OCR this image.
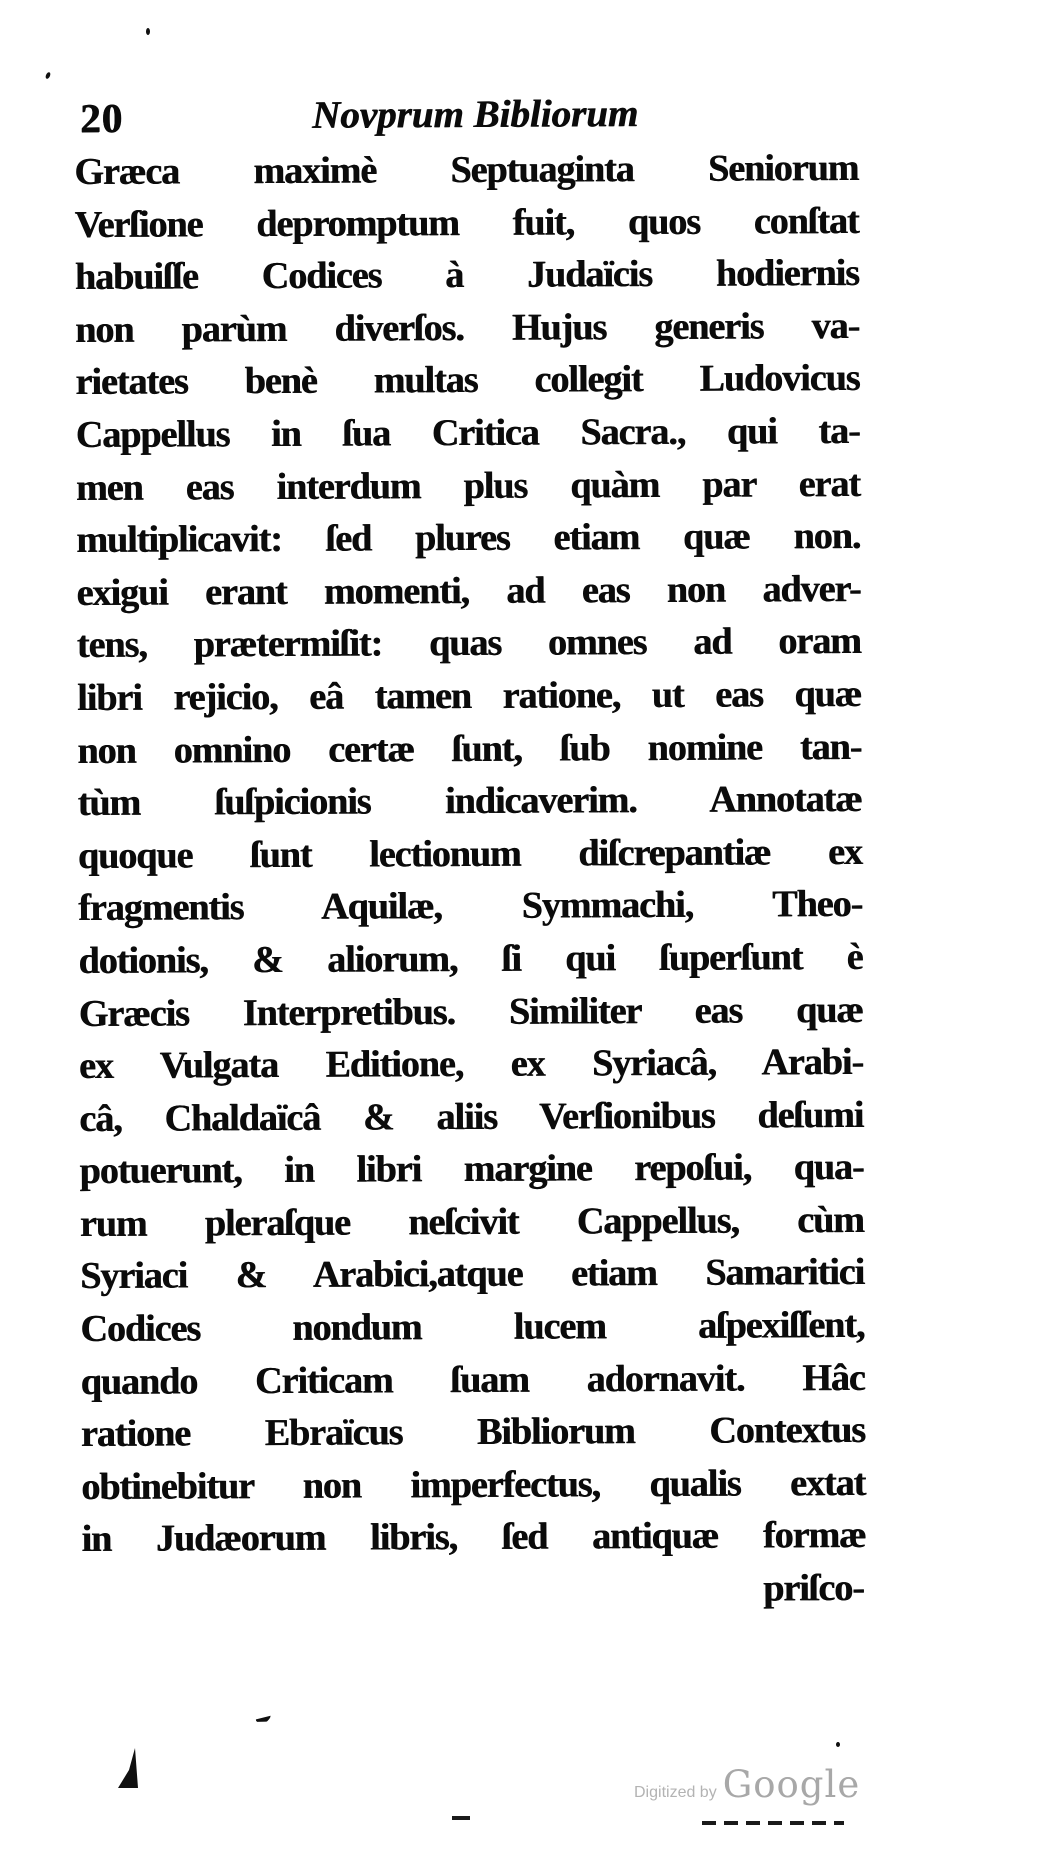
20	Novprum Bibliorum
Græca maximè Septuaginta Seniorum
Verſione depromptum fuit, quos conſtat
habuiſſe Codices à Judaïcis hodiernis
non parùm diverſos. Hujus generis va-
rietates benè multas collegit Ludovicus
Cappellus in ſua Critica Sacra., qui ta-
men eas interdum plus quàm par erat
multiplicavit: ſed plures etiam quæ non.
exigui erant momenti, ad eas non adver-
tens, prætermiſit: quas omnes ad oram
libri rejicio, eâ tamen ratione, ut eas quæ
non omnino certæ ſunt, ſub nomine tan-
tùm ſuſpicionis indicaverim. Annotatæ
quoque ſunt lectionum diſcrepantiæ ex
fragmentis Aquilæ, Symmachi, Theo-
dotionis, & aliorum, ſi qui ſuperſunt è
Græcis Interpretibus. Similiter eas quæ
ex Vulgata Editione, ex Syriacâ, Arabi-
câ, Chaldaïcâ & aliis Verſionibus deſumi
potuerunt, in libri margine repoſui, qua-
rum pleraſque neſcivit Cappellus, cùm
Syriaci & Arabici,atque etiam Samaritici
Codices nondum lucem aſpexiſſent,
quando Criticam ſuam adornavit. Hâc
ratione Ebraïcus Bibliorum Contextus
obtinebitur non imperfectus, qualis extat
in Judæorum libris, ſed antiquæ formæ
priſco-
Digitized by Google
